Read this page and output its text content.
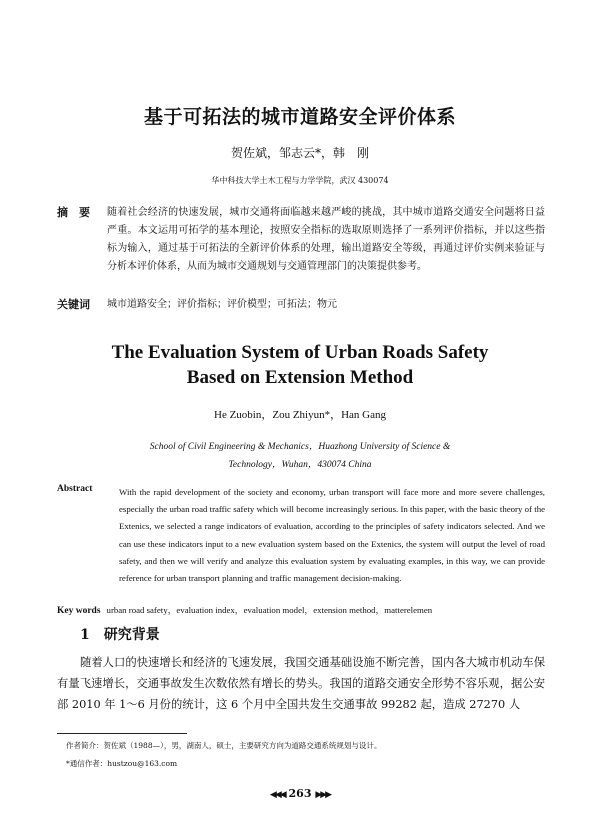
基于可拓法的城市道路安全评价体系
贺佐斌，邹志云*，韩　刚
华中科技大学土木工程与力学学院，武汉 430074
摘　要	随着社会经济的快速发展，城市交通将面临越来越严峻的挑战，其中城市道路交通安全问题将日益严重。本文运用可拓学的基本理论，按照安全指标的选取原则选择了一系列评价指标，并以这些指标为输入，通过基于可拓法的全新评价体系的处理，输出道路安全等级，再通过评价实例来验证与分析本评价体系，从而为城市交通规划与交通管理部门的决策提供参考。
关键词	城市道路安全；评价指标；评价模型；可拓法；物元
The Evaluation System of Urban Roads Safety
Based on Extension Method
He Zuobin，Zou Zhiyun*，Han Gang
School of Civil Engineering & Mechanics，Huazhong University of Science &
Technology，Wuhan，430074 China
Abstract	With the rapid development of the society and economy, urban transport will face more and more severe challenges, especially the urban road traffic safety which will become increasingly serious. In this paper, with the basic theory of the Extenics, we selected a range indicators of evaluation, according to the principles of safety indicators selected. And we can use these indicators input to a new evaluation system based on the Extenics, the system will output the level of road safety, and then we will verify and analyze this evaluation system by evaluating examples, in this way, we can provide reference for urban transport planning and traffic management decision-making.
Key words urban road safety，evaluation index，evaluation model，extension method，matterelemen
1 研究背景
随着人口的快速增长和经济的飞速发展，我国交通基础设施不断完善，国内各大城市机动车保有量飞速增长，交通事故发生次数依然有增长的势头。我国的道路交通安全形势不容乐观，据公安部 2010 年 1～6 月份的统计，这 6 个月中全国共发生交通事故 99282 起，造成 27270 人
作者简介：贺佐斌（1988—），男，湖南人，硕士，主要研究方向为道路交通系统规划与设计。
*通信作者：hustzou@163.com
◀◀◀ 263 ▶▶▶
